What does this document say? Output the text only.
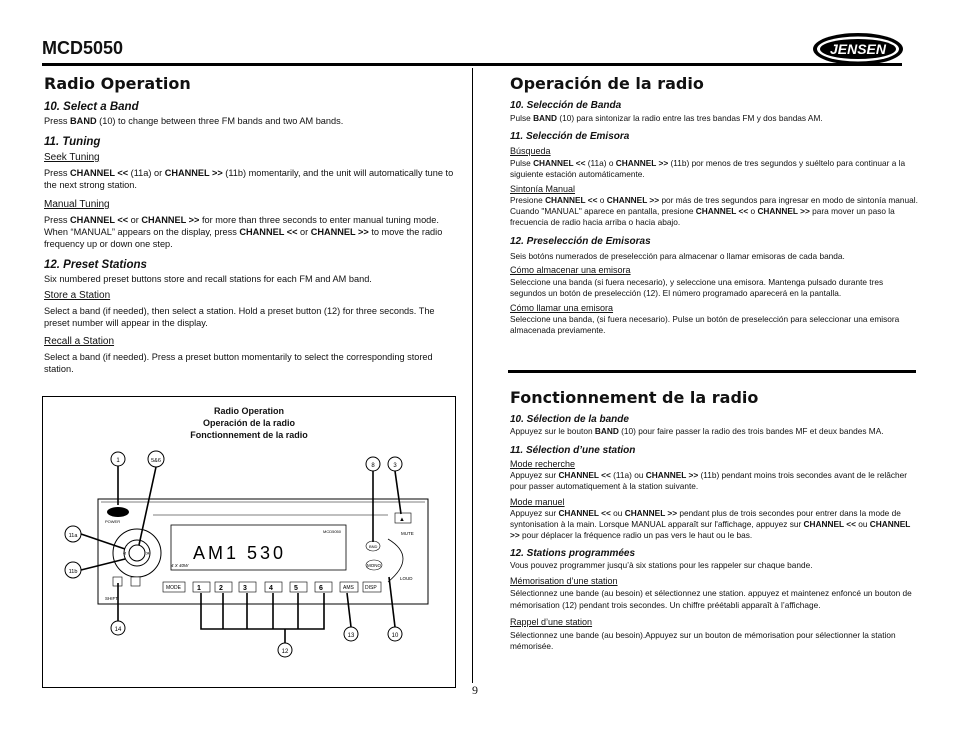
MCD5050	JENSEN
Radio Operation
10. Select a Band
Press BAND (10) to change between three FM bands and two AM bands.
11. Tuning
Seek Tuning
Press CHANNEL << (11a) or CHANNEL >> (11b) momentarily, and the unit will automatically tune to the next strong station.
Manual Tuning
Press CHANNEL << or CHANNEL >> for more than three seconds to enter manual tuning mode. When “MANUAL” appears on the display, press CHANNEL << or CHANNEL >> to move the radio frequency up or down one step.
12. Preset Stations
Six numbered preset buttons store and recall stations for each FM and AM band.
Store a Station
Select a band (if needed), then select a station. Hold a preset button (12) for three seconds. The preset number will appear in the display.
Recall a Station
Select a band (if needed). Press a preset button momentarily to select the corresponding stored station.
Radio Operation
Operación de la radio
Fonctionnement de la radio
POWER
«	»
SHIFT
MCD5050
AM1 530
4 X 40W
MODE 1	2	3	4	5	6	AMS DISP
▲
MUTE
BND
MONO
LOUD
1	5&6
8	3
11a
11b
14
12
13	10
Operación de la radio
10. Selección de Banda
Pulse BAND (10) para sintonizar la radio entre las tres bandas FM y dos bandas AM.
11. Selección de Emisora
Búsqueda
Pulse CHANNEL << (11a) o CHANNEL >> (11b) por menos de tres segundos y suéltelo para continuar a la siguiente estación automáticamente.
Sintonía Manual
Presione CHANNEL << o CHANNEL >> por más de tres segundos para ingresar en modo de sintonía manual. Cuando "MANUAL" aparece en pantalla, presione CHANNEL << o CHANNEL >> para mover un paso la frecuencia de radio hacia arriba o hacia abajo.
12. Preselección de Emisoras
Seis botóns numerados de preselección para almacenar o llamar emisoras de cada banda.
Cómo almacenar una emisora
Seleccione una banda (si fuera necesario), y seleccione una emisora. Mantenga pulsado durante tres segundos un botón de preselección (12). El número programado aparecerá en la pantalla.
Cómo llamar una emisora
Seleccione una banda, (si fuera necesario). Pulse un botón de preselección para seleccionar una emisora almacenada previamente.
Fonctionnement de la radio
10. Sélection de la bande
Appuyez sur le bouton BAND (10) pour faire passer la radio des trois bandes MF et deux bandes MA.
11. Sélection d’une station
Mode recherche
Appuyez sur CHANNEL << (11a) ou CHANNEL >> (11b) pendant moins trois secondes avant de le relâcher pour passer automatiquement à la station suivante.
Mode manuel
Appuyez sur CHANNEL << ou CHANNEL >> pendant plus de trois secondes pour entrer dans la mode de syntonisation à la main. Lorsque MANUAL apparaît sur l'affichage, appuyez sur CHANNEL << ou CHANNEL >> pour déplacer la fréquence radio un pas vers le haut ou le bas.
12. Stations programmées
Vous pouvez programmer jusqu’à six stations pour les rappeler sur chaque bande.
Mémorisation d’une station
Sélectionnez une bande (au besoin) et sélectionnez une station. appuyez et maintenez enfoncé un bouton de mémorisation (12) pendant trois secondes. Un chiffre préétabli apparaît à l’affichage.
Rappel d’une station
Sélectionnez une bande (au besoin).Appuyez sur un bouton de mémorisation pour sélectionner la station mémorisée.
9
